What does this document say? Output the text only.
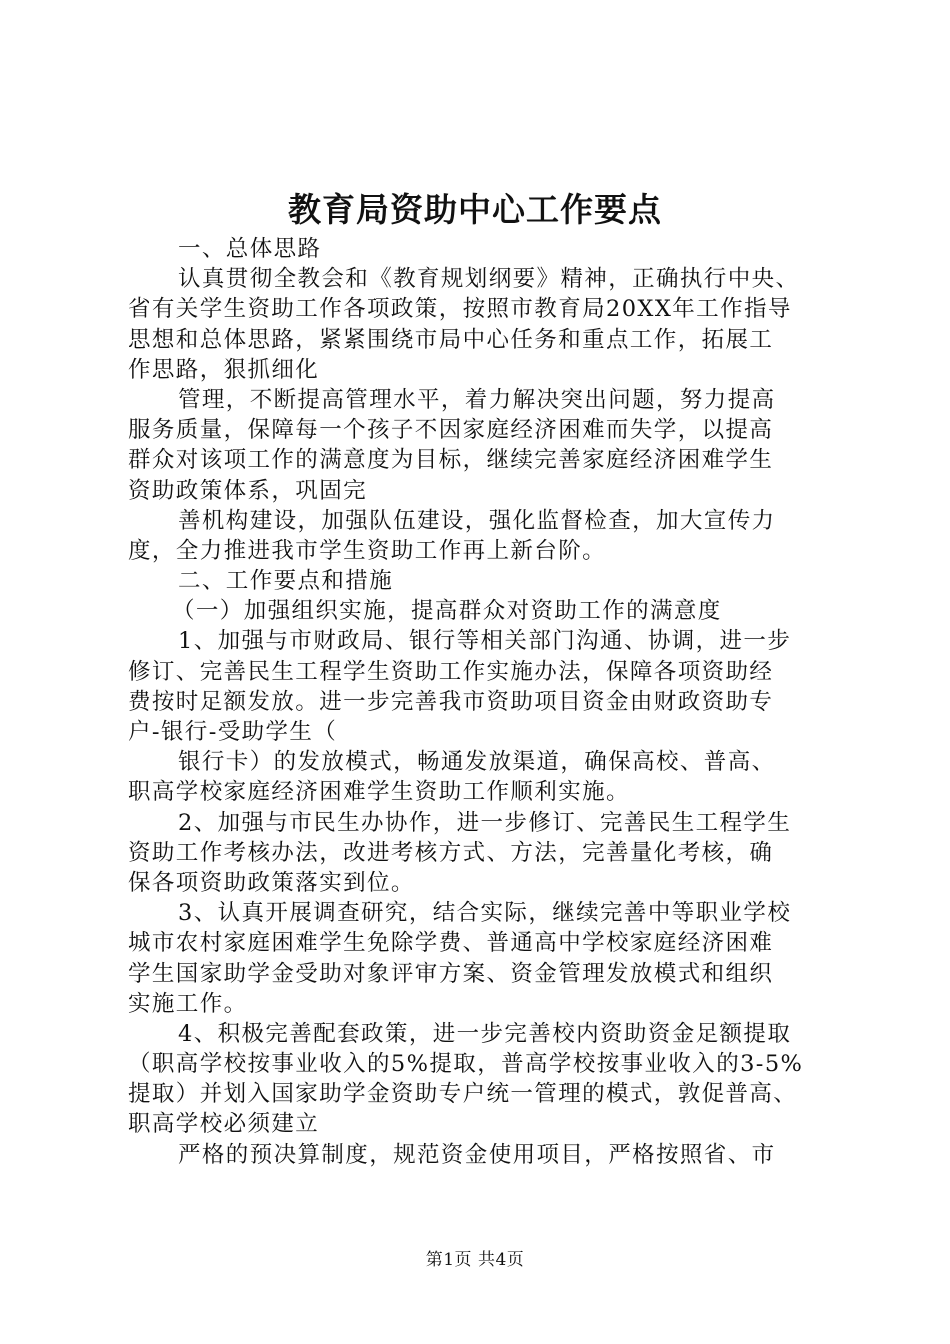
教育局资助中心工作要点
一、总体思路
认真贯彻全教会和《教育规划纲要》精神，正确执行中央、
省有关学生资助工作各项政策，按照市教育局20XX年工作指导
思想和总体思路，紧紧围绕市局中心任务和重点工作，拓展工
作思路，狠抓细化
管理，不断提高管理水平，着力解决突出问题，努力提高
服务质量，保障每一个孩子不因家庭经济困难而失学，以提高
群众对该项工作的满意度为目标，继续完善家庭经济困难学生
资助政策体系，巩固完
善机构建设，加强队伍建设，强化监督检查，加大宣传力
度，全力推进我市学生资助工作再上新台阶。
二、工作要点和措施
（一）加强组织实施，提高群众对资助工作的满意度
1、加强与市财政局、银行等相关部门沟通、协调，进一步
修订、完善民生工程学生资助工作实施办法，保障各项资助经
费按时足额发放。进一步完善我市资助项目资金由财政资助专
户-银行-受助学生（
银行卡）的发放模式，畅通发放渠道，确保高校、普高、
职高学校家庭经济困难学生资助工作顺利实施。
2、加强与市民生办协作，进一步修订、完善民生工程学生
资助工作考核办法，改进考核方式、方法，完善量化考核，确
保各项资助政策落实到位。
3、认真开展调查研究，结合实际，继续完善中等职业学校
城市农村家庭困难学生免除学费、普通高中学校家庭经济困难
学生国家助学金受助对象评审方案、资金管理发放模式和组织
实施工作。
4、积极完善配套政策，进一步完善校内资助资金足额提取
（职高学校按事业收入的5%提取，普高学校按事业收入的3-5%
提取）并划入国家助学金资助专户统一管理的模式，敦促普高、
职高学校必须建立
严格的预决算制度，规范资金使用项目，严格按照省、市
第1页 共4页
